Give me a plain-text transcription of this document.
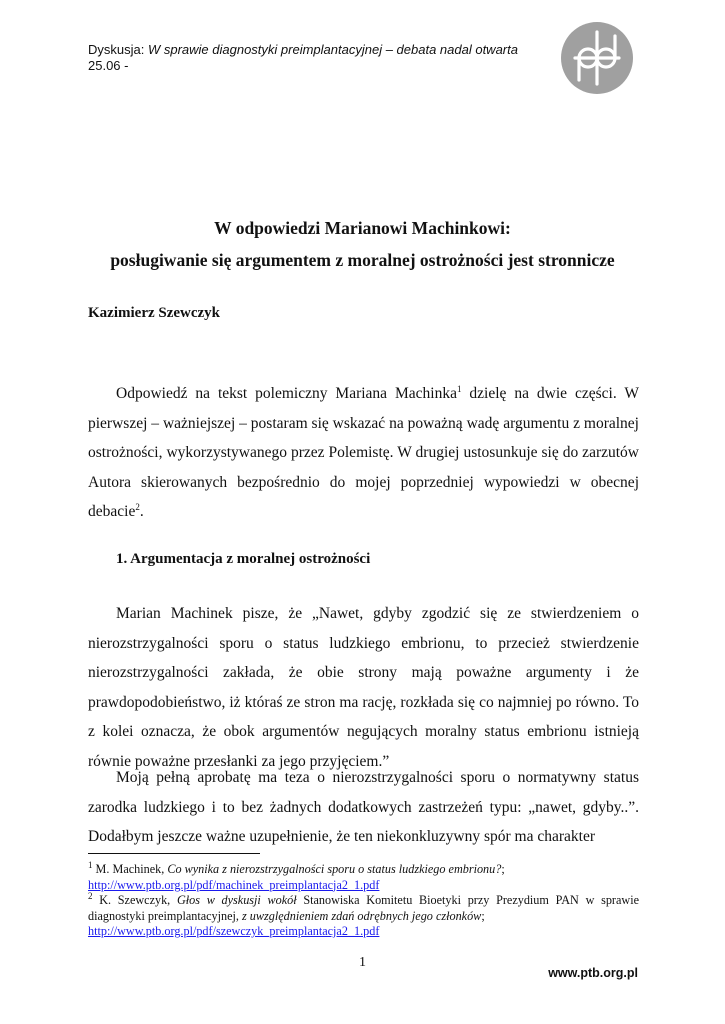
Dyskusja: W sprawie diagnostyki preimplantacyjnej – debata nadal otwarta
25.06 -
W odpowiedzi Marianowi Machinkowi:
posługiwanie się argumentem z moralnej ostrożności jest stronnicze
Kazimierz Szewczyk

Odpowiedź na tekst polemiczny Mariana Machinka$^1$ dzielę na dwie części. W pierwszej – ważniejszej – postaram się wskazać na poważną wadę argumentu z moralnej ostrożności, wykorzystywanego przez Polemistę. W drugiej ustosunkuje się do zarzutów Autora skierowanych bezpośrednio do mojej poprzedniej wypowiedzi w obecnej debacie$^2$.

1. Argumentacja z moralnej ostrożności

Marian Machinek pisze, że „Nawet, gdyby zgodzić się ze stwierdzeniem o nierozstrzygalności sporu o status ludzkiego embrionu, to przecież stwierdzenie nierozstrzygalności zakłada, że obie strony mają poważne argumenty i że prawdopodobieństwo, iż któraś ze stron ma rację, rozkłada się co najmniej po równo. To z kolei oznacza, że obok argumentów negujących moralny status embrionu istnieją równie poważne przesłanki za jego przyjęciem.”

Moją pełną aprobatę ma teza o nierozstrzygalności sporu o normatywny status zarodka ludzkiego i to bez żadnych dodatkowych zastrzeżeń typu: „nawet, gdyby..”. Dodałbym jeszcze ważne uzupełnienie, że ten niekonkluzywny spór ma charakter

$^1$ M. Machinek, Co wynika z nierozstrzygalności sporu o status ludzkiego embrionu?;
http://www.ptb.org.pl/pdf/machinek_preimplantacja2_1.pdf

$^2$ K. Szewczyk, Głos w dyskusji wokół Stanowiska Komitetu Bioetyki przy Prezydium PAN w sprawie diagnostyki preimplantacyjnej, z uwzględnieniem zdań odrębnych jego członków;
http://www.ptb.org.pl/pdf/szewczyk_preimplantacja2_1.pdf

1
www.ptb.org.pl
